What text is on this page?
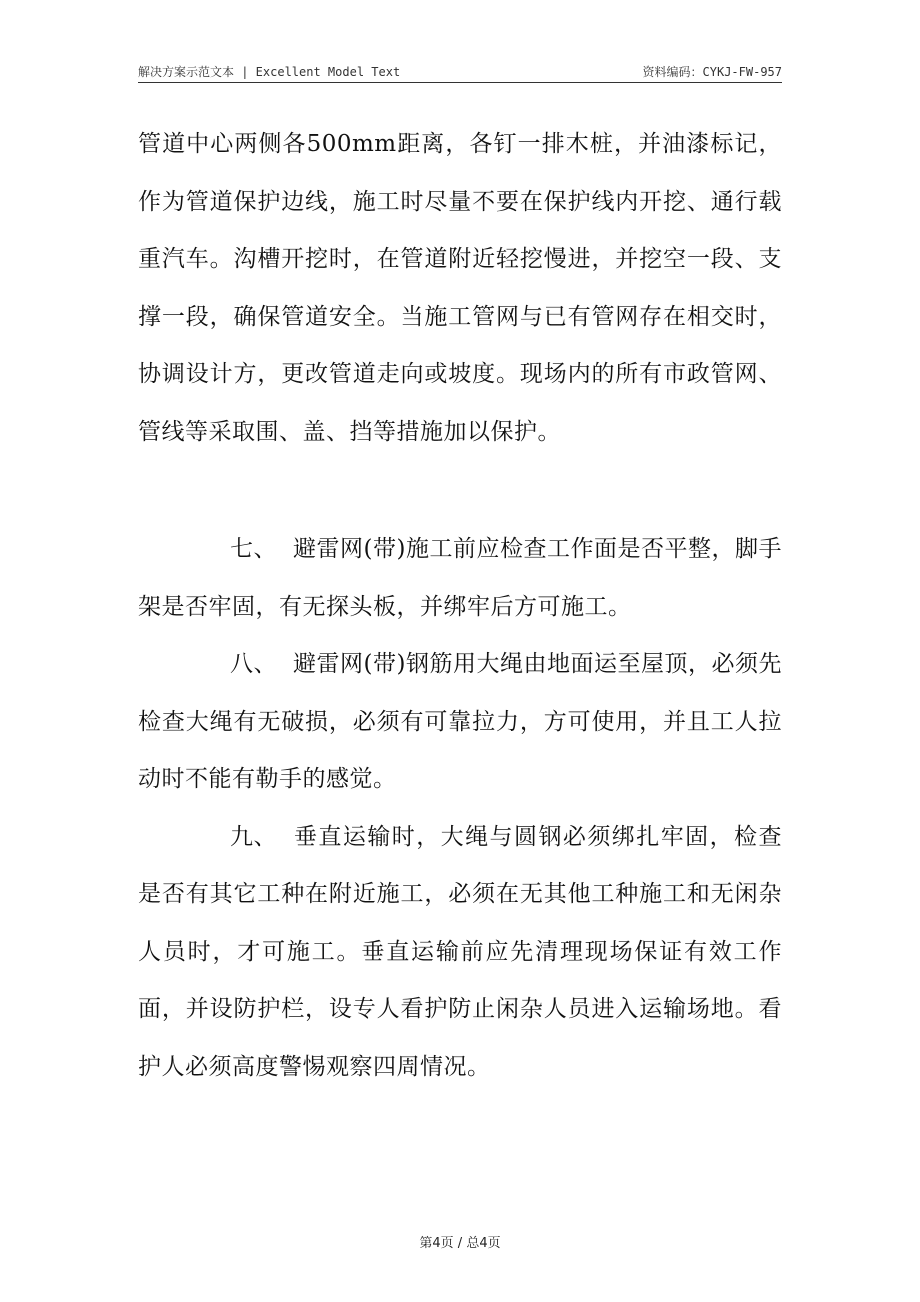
解决方案示范文本 | Excellent Model Text	资料编码：CYKJ-FW-957

管道中心两侧各500mm距离，各钉一排木桩，并油漆标记，作为管道保护边线，施工时尽量不要在保护线内开挖、通行载重汽车。沟槽开挖时，在管道附近轻挖慢进，并挖空一段、支撑一段，确保管道安全。当施工管网与已有管网存在相交时，协调设计方，更改管道走向或坡度。现场内的所有市政管网、管线等采取围、盖、挡等措施加以保护。

七、 避雷网(带)施工前应检查工作面是否平整，脚手架是否牢固，有无探头板，并绑牢后方可施工。

八、 避雷网(带)钢筋用大绳由地面运至屋顶，必须先检查大绳有无破损，必须有可靠拉力，方可使用，并且工人拉动时不能有勒手的感觉。

九、 垂直运输时，大绳与圆钢必须绑扎牢固，检查是否有其它工种在附近施工，必须在无其他工种施工和无闲杂人员时，才可施工。垂直运输前应先清理现场保证有效工作面，并设防护栏，设专人看护防止闲杂人员进入运输场地。看护人必须高度警惕观察四周情况。

第4页 / 总4页
